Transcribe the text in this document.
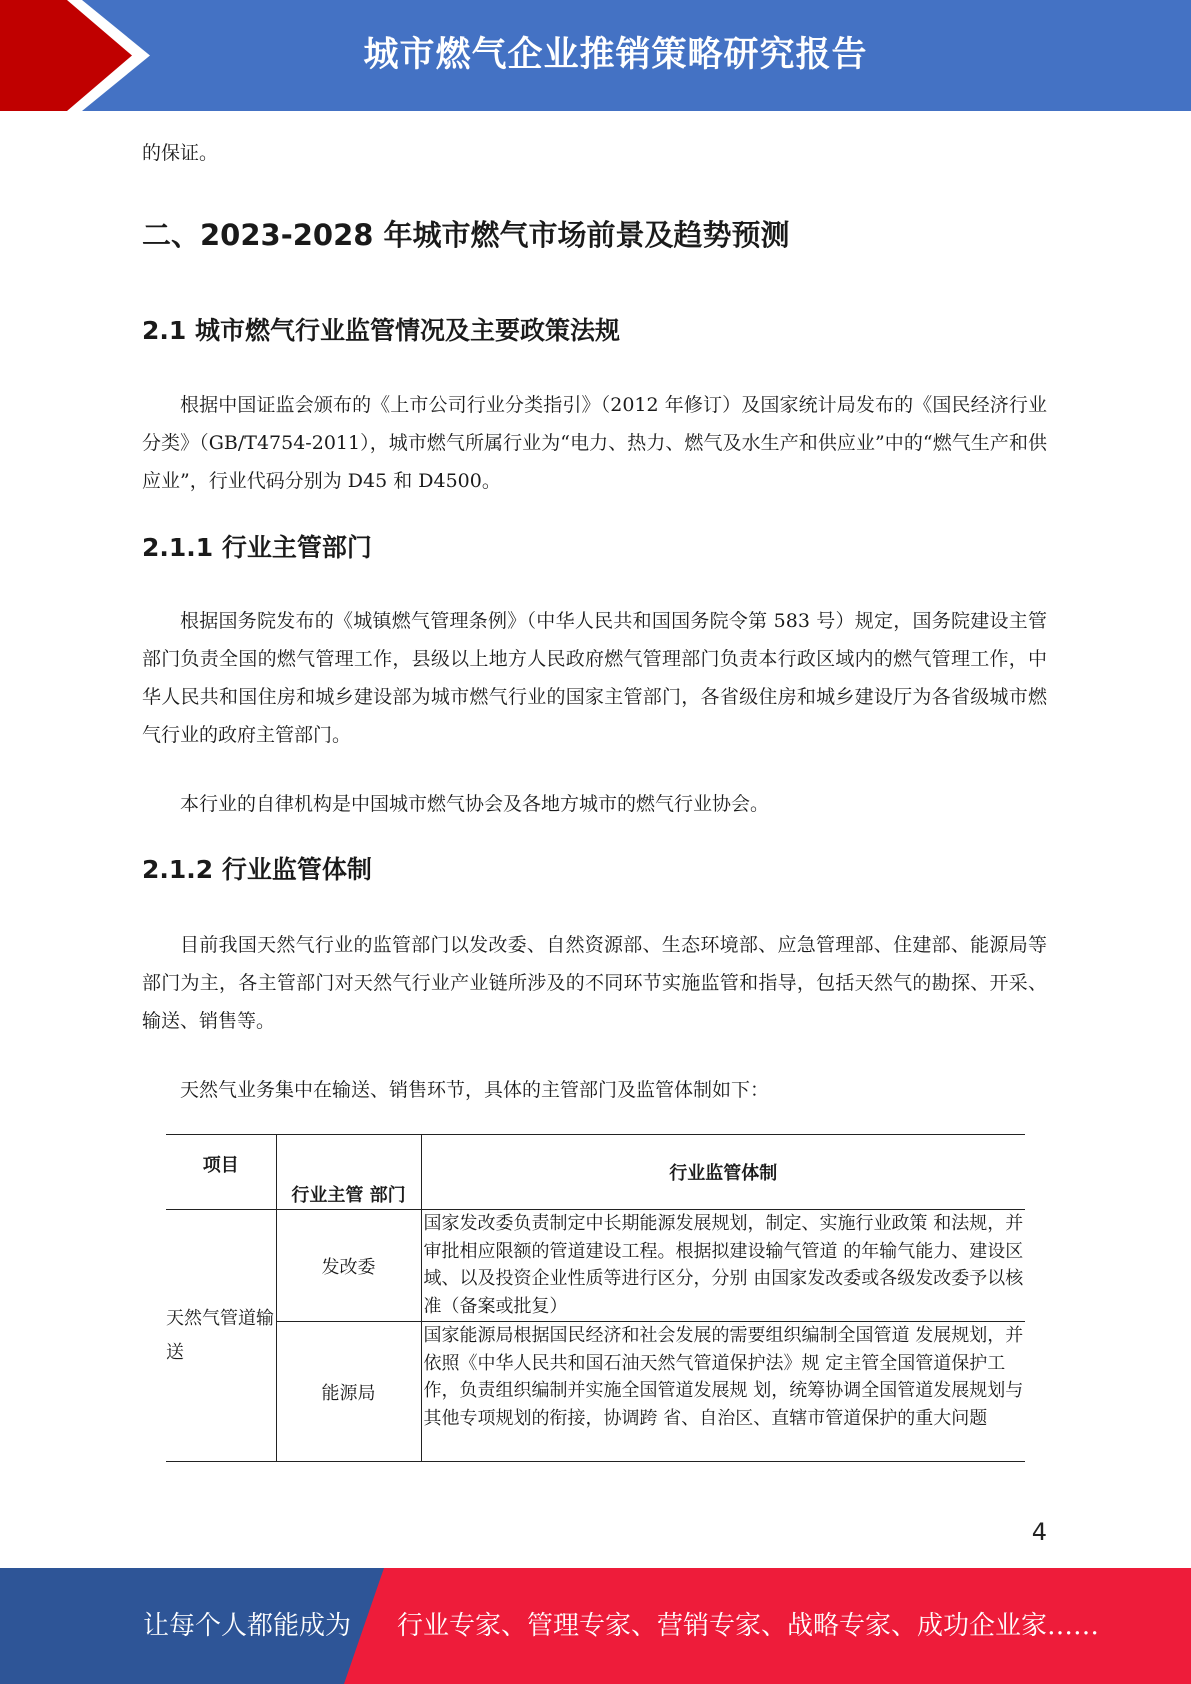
城市燃气企业推销策略研究报告

的保证。

二、2023-2028 年城市燃气市场前景及趋势预测
2.1 城市燃气行业监管情况及主要政策法规

根据中国证监会颁布的《上市公司行业分类指引》（2012 年修订）及国家统计局发布的《国民经济行业分类》（GB/T4754-2011），城市燃气所属行业为“电力、热力、燃气及水生产和供应业”中的“燃气生产和供应业”，行业代码分别为 D45 和 D4500。

2.1.1 行业主管部门

根据国务院发布的《城镇燃气管理条例》（中华人民共和国国务院令第 583 号）规定，国务院建设主管部门负责全国的燃气管理工作，县级以上地方人民政府燃气管理部门负责本行政区域内的燃气管理工作，中华人民共和国住房和城乡建设部为城市燃气行业的国家主管部门，各省级住房和城乡建设厅为各省级城市燃气行业的政府主管部门。

本行业的自律机构是中国城市燃气协会及各地方城市的燃气行业协会。

2.1.2 行业监管体制

目前我国天然气行业的监管部门以发改委、自然资源部、生态环境部、应急管理部、住建部、能源局等部门为主，各主管部门对天然气行业产业链所涉及的不同环节实施监管和指导，包括天然气的勘探、开采、输送、销售等。

天然气业务集中在输送、销售环节，具体的主管部门及监管体制如下：

项目	行业主管 部门	行业监管体制
天然气管道输送	发改委	国家发改委负责制定中长期能源发展规划，制定、实施行业政策 和法规，并审批相应限额的管道建设工程。根据拟建设输气管道 的年输气能力、建设区域、以及投资企业性质等进行区分，分别 由国家发改委或各级发改委予以核准（备案或批复）
	能源局	国家能源局根据国民经济和社会发展的需要组织编制全国管道 发展规划，并依照《中华人民共和国石油天然气管道保护法》规 定主管全国管道保护工作，负责组织编制并实施全国管道发展规 划，统筹协调全国管道发展规划与其他专项规划的衔接，协调跨 省、自治区、直辖市管道保护的重大问题
4
让每个人都能成为 行业专家、管理专家、营销专家、战略专家、成功企业家……
